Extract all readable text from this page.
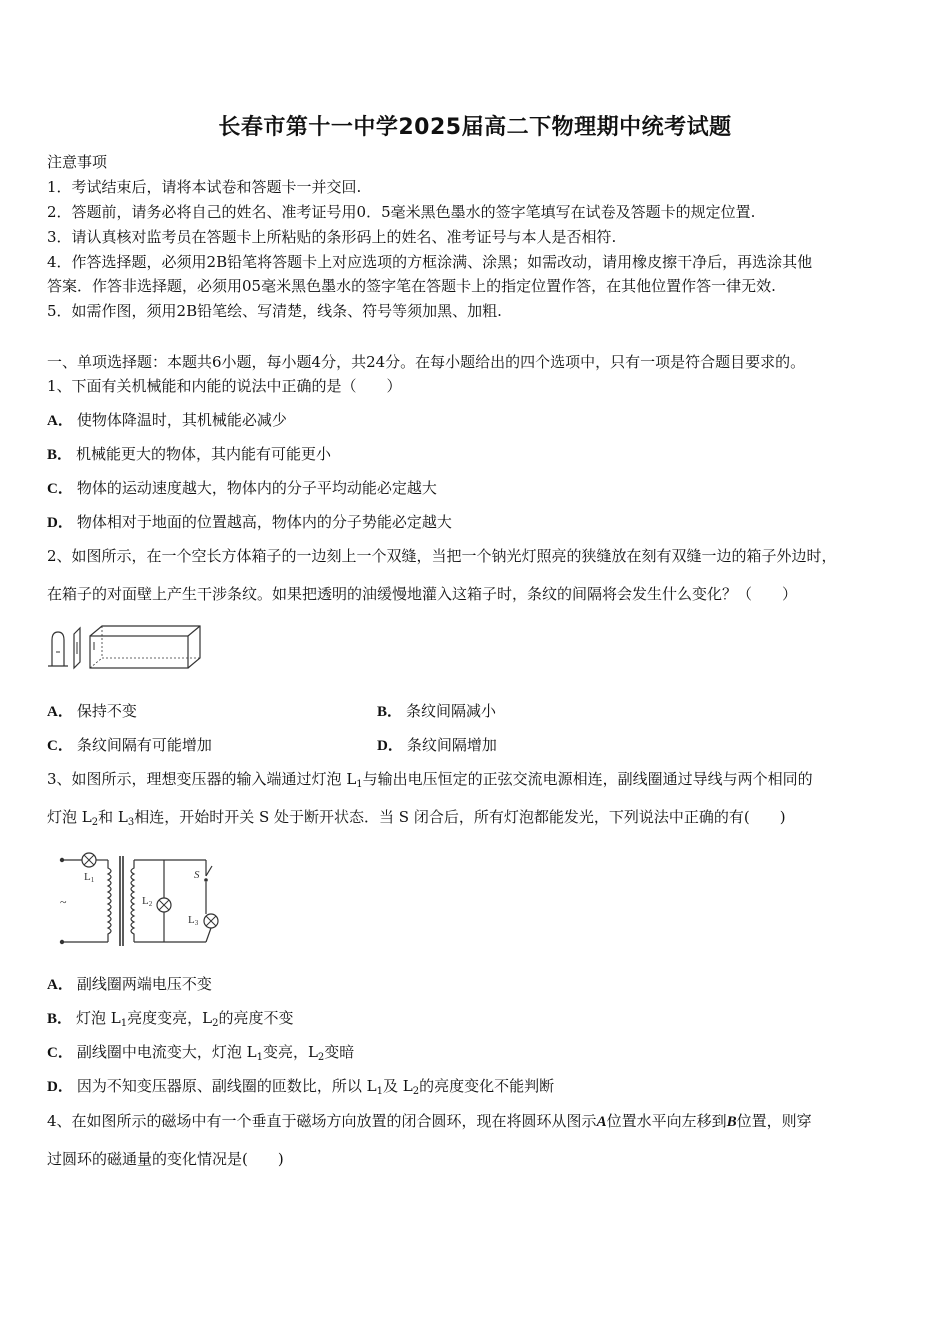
长春市第十一中学2025届高二下物理期中统考试题
注意事项
1．考试结束后，请将本试卷和答题卡一并交回.
2．答题前，请务必将自己的姓名、准考证号用0．5毫米黑色墨水的签字笔填写在试卷及答题卡的规定位置.
3．请认真核对监考员在答题卡上所粘贴的条形码上的姓名、准考证号与本人是否相符.
4．作答选择题，必须用2B铅笔将答题卡上对应选项的方框涂满、涂黑；如需改动，请用橡皮擦干净后，再选涂其他
答案．作答非选择题，必须用05毫米黑色墨水的签字笔在答题卡上的指定位置作答，在其他位置作答一律无效.
5．如需作图，须用2B铅笔绘、写清楚，线条、符号等须加黑、加粗.
一、单项选择题：本题共6小题，每小题4分，共24分。在每小题给出的四个选项中，只有一项是符合题目要求的。
1、下面有关机械能和内能的说法中正确的是（　　）
A． 使物体降温时，其机械能必减少
B． 机械能更大的物体，其内能有可能更小
C． 物体的运动速度越大，物体内的分子平均动能必定越大
D． 物体相对于地面的位置越高，物体内的分子势能必定越大
2、如图所示，在一个空长方体箱子的一边刻上一个双缝，当把一个钠光灯照亮的狭缝放在刻有双缝一边的箱子外边时，
在箱子的对面壁上产生干涉条纹。如果把透明的油缓慢地灌入这箱子时，条纹的间隔将会发生什么变化？（　　）
A． 保持不变	B． 条纹间隔减小
C． 条纹间隔有可能增加	D． 条纹间隔增加
3、如图所示，理想变压器的输入端通过灯泡 $L_1$与输出电压恒定的正弦交流电源相连，副线圈通过导线与两个相同的
灯泡 $L_2$和 $L_3$相连，开始时开关 S 处于断开状态．当 S 闭合后，所有灯泡都能发光，下列说法中正确的有(　　)
~
L1
L2
S
L3
A． 副线圈两端电压不变
B． 灯泡 $L_1$亮度变亮，$L_2$的亮度不变
C． 副线圈中电流变大，灯泡 $L_1$变亮，$L_2$变暗
D． 因为不知变压器原、副线圈的匝数比，所以 $L_1$及 $L_2$的亮度变化不能判断
4、在如图所示的磁场中有一个垂直于磁场方向放置的闭合圆环，现在将圆环从图示A位置水平向左移到B位置，则穿
过圆环的磁通量的变化情况是(　　)
